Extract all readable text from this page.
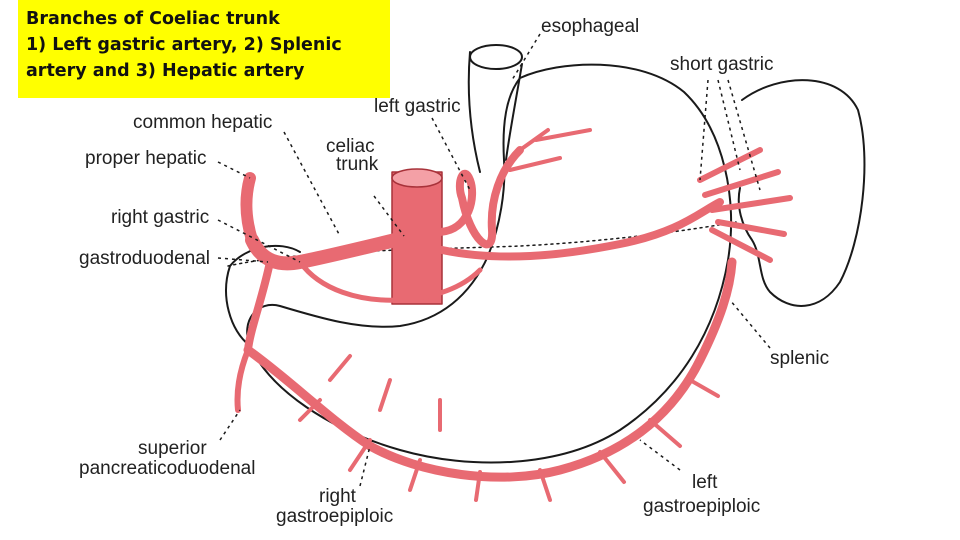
Branches of Coeliac trunk
1) Left gastric artery, 2) Splenic
artery and 3) Hepatic artery
esophageal
short gastric
left gastric
common hepatic
celiac
trunk
proper hepatic
right gastric
gastroduodenal
splenic
superior
pancreaticoduodenal
right
gastroepiploic
left
gastroepiploic
